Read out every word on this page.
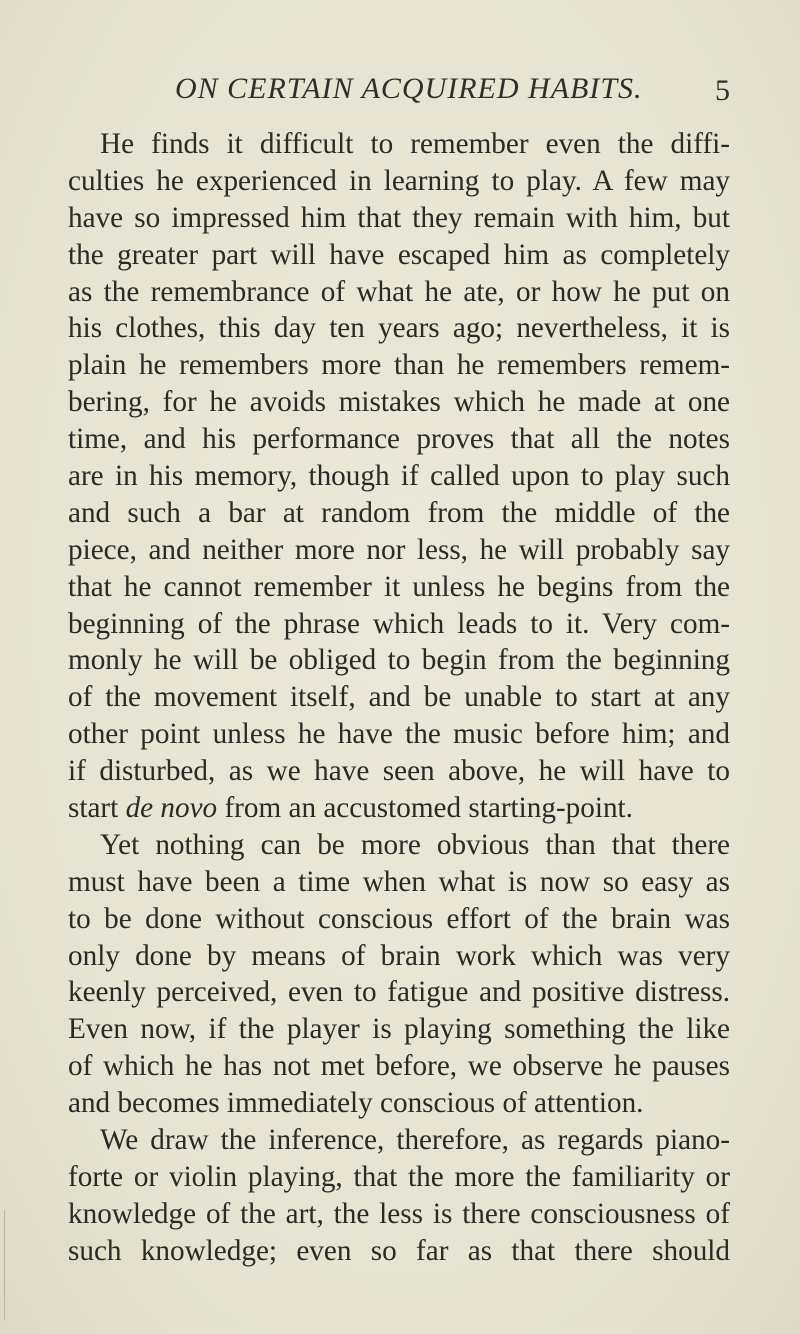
ON CERTAIN ACQUIRED HABITS. 5
He finds it difficult to remember even the diffi-
culties he experienced in learning to play. A few may
have so impressed him that they remain with him, but
the greater part will have escaped him as completely
as the remembrance of what he ate, or how he put on
his clothes, this day ten years ago; nevertheless, it is
plain he remembers more than he remembers remem-
bering, for he avoids mistakes which he made at one
time, and his performance proves that all the notes
are in his memory, though if called upon to play such
and such a bar at random from the middle of the
piece, and neither more nor less, he will probably say
that he cannot remember it unless he begins from the
beginning of the phrase which leads to it. Very com-
monly he will be obliged to begin from the beginning
of the movement itself, and be unable to start at any
other point unless he have the music before him; and
if disturbed, as we have seen above, he will have to
start de novo from an accustomed starting-point.
Yet nothing can be more obvious than that there
must have been a time when what is now so easy as
to be done without conscious effort of the brain was
only done by means of brain work which was very
keenly perceived, even to fatigue and positive distress.
Even now, if the player is playing something the like
of which he has not met before, we observe he pauses
and becomes immediately conscious of attention.
We draw the inference, therefore, as regards piano-
forte or violin playing, that the more the familiarity or
knowledge of the art, the less is there consciousness of
such knowledge; even so far as that there should
